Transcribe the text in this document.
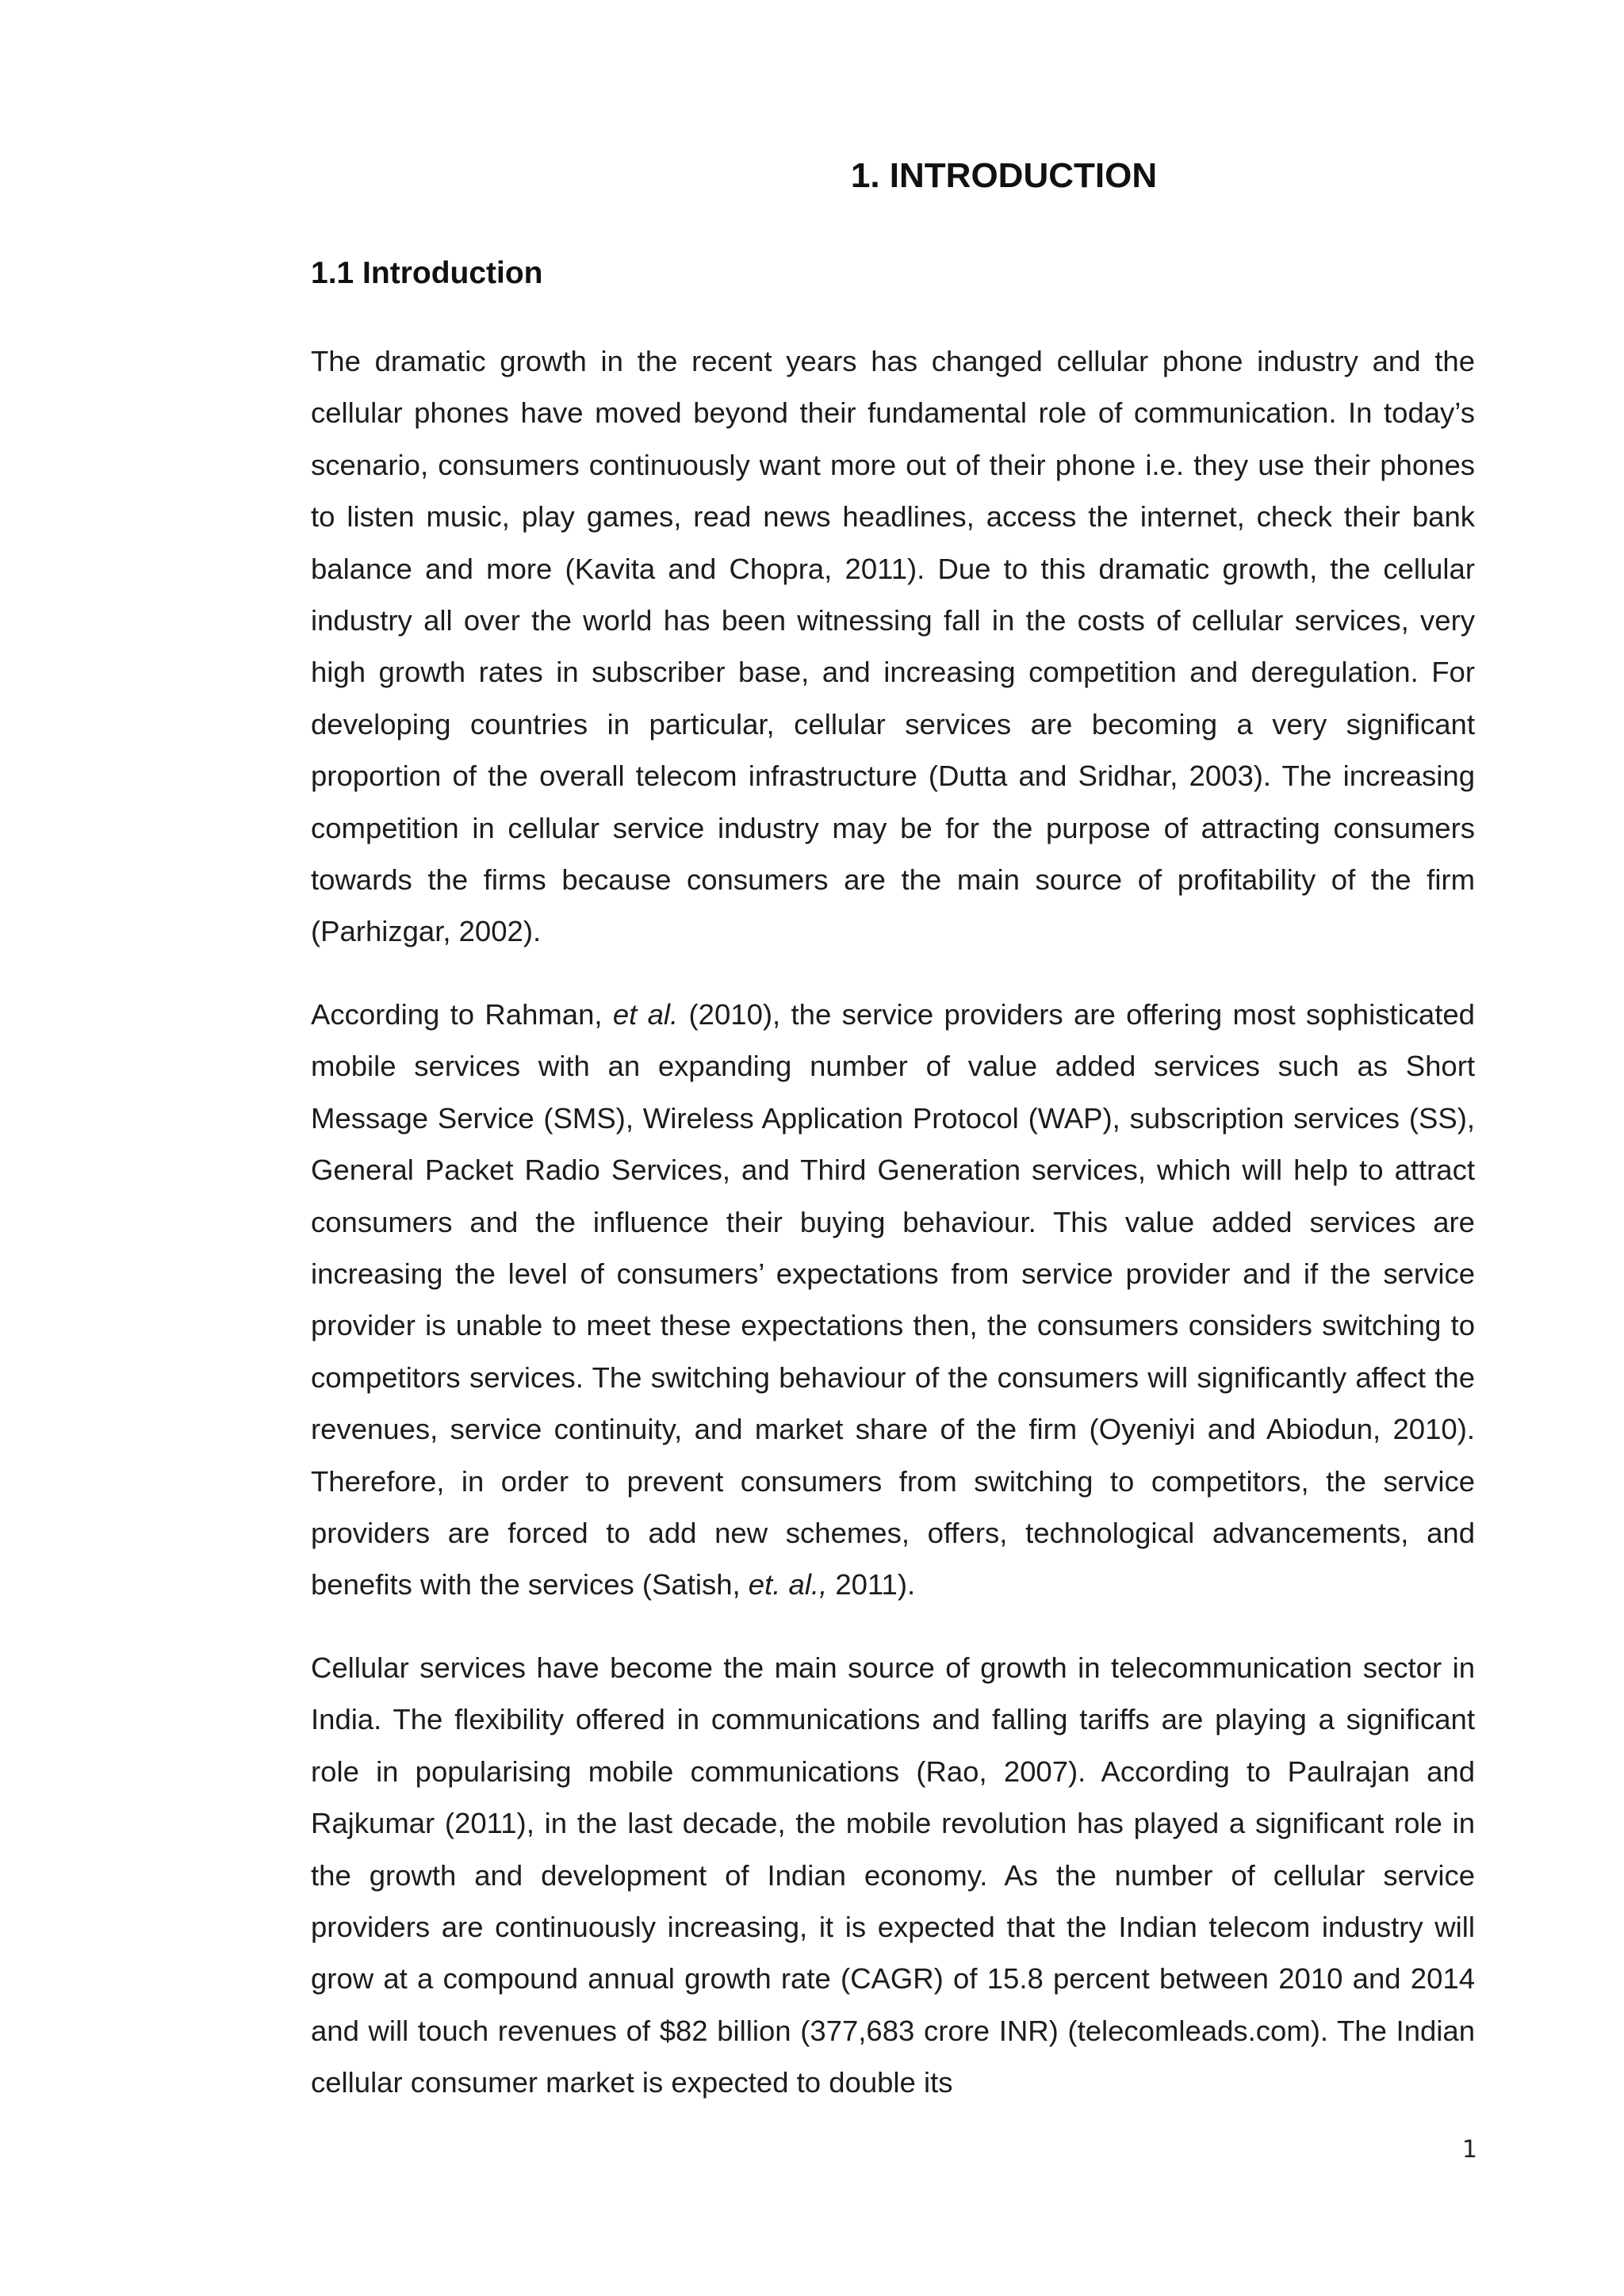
1. INTRODUCTION
1.1 Introduction

The dramatic growth in the recent years has changed cellular phone industry and the cellular phones have moved beyond their fundamental role of communication. In today’s scenario, consumers continuously want more out of their phone i.e. they use their phones to listen music, play games, read news headlines, access the internet, check their bank balance and more (Kavita and Chopra, 2011). Due to this dramatic growth, the cellular industry all over the world has been witnessing fall in the costs of cellular services, very high growth rates in subscriber base, and increasing competition and deregulation. For developing countries in particular, cellular services are becoming a very significant proportion of the overall telecom infrastructure (Dutta and Sridhar, 2003). The increasing competition in cellular service industry may be for the purpose of attracting consumers towards the firms because consumers are the main source of profitability of the firm (Parhizgar, 2002).

According to Rahman, et al. (2010), the service providers are offering most sophisticated mobile services with an expanding number of value added services such as Short Message Service (SMS), Wireless Application Protocol (WAP), subscription services (SS), General Packet Radio Services, and Third Generation services, which will help to attract consumers and the influence their buying behaviour. This value added services are increasing the level of consumers’ expectations from service provider and if the service provider is unable to meet these expectations then, the consumers considers switching to competitors services. The switching behaviour of the consumers will significantly affect the revenues, service continuity, and market share of the firm (Oyeniyi and Abiodun, 2010). Therefore, in order to prevent consumers from switching to competitors, the service providers are forced to add new schemes, offers, technological advancements, and benefits with the services (Satish, et. al., 2011).

Cellular services have become the main source of growth in telecommunication sector in India. The flexibility offered in communications and falling tariffs are playing a significant role in popularising mobile communications (Rao, 2007). According to Paulrajan and Rajkumar (2011), in the last decade, the mobile revolution has played a significant role in the growth and development of Indian economy. As the number of cellular service providers are continuously increasing, it is expected that the Indian telecom industry will grow at a compound annual growth rate (CAGR) of 15.8 percent between 2010 and 2014 and will touch revenues of $82 billion (377,683 crore INR) (telecomleads.com). The Indian cellular consumer market is expected to double its

1
